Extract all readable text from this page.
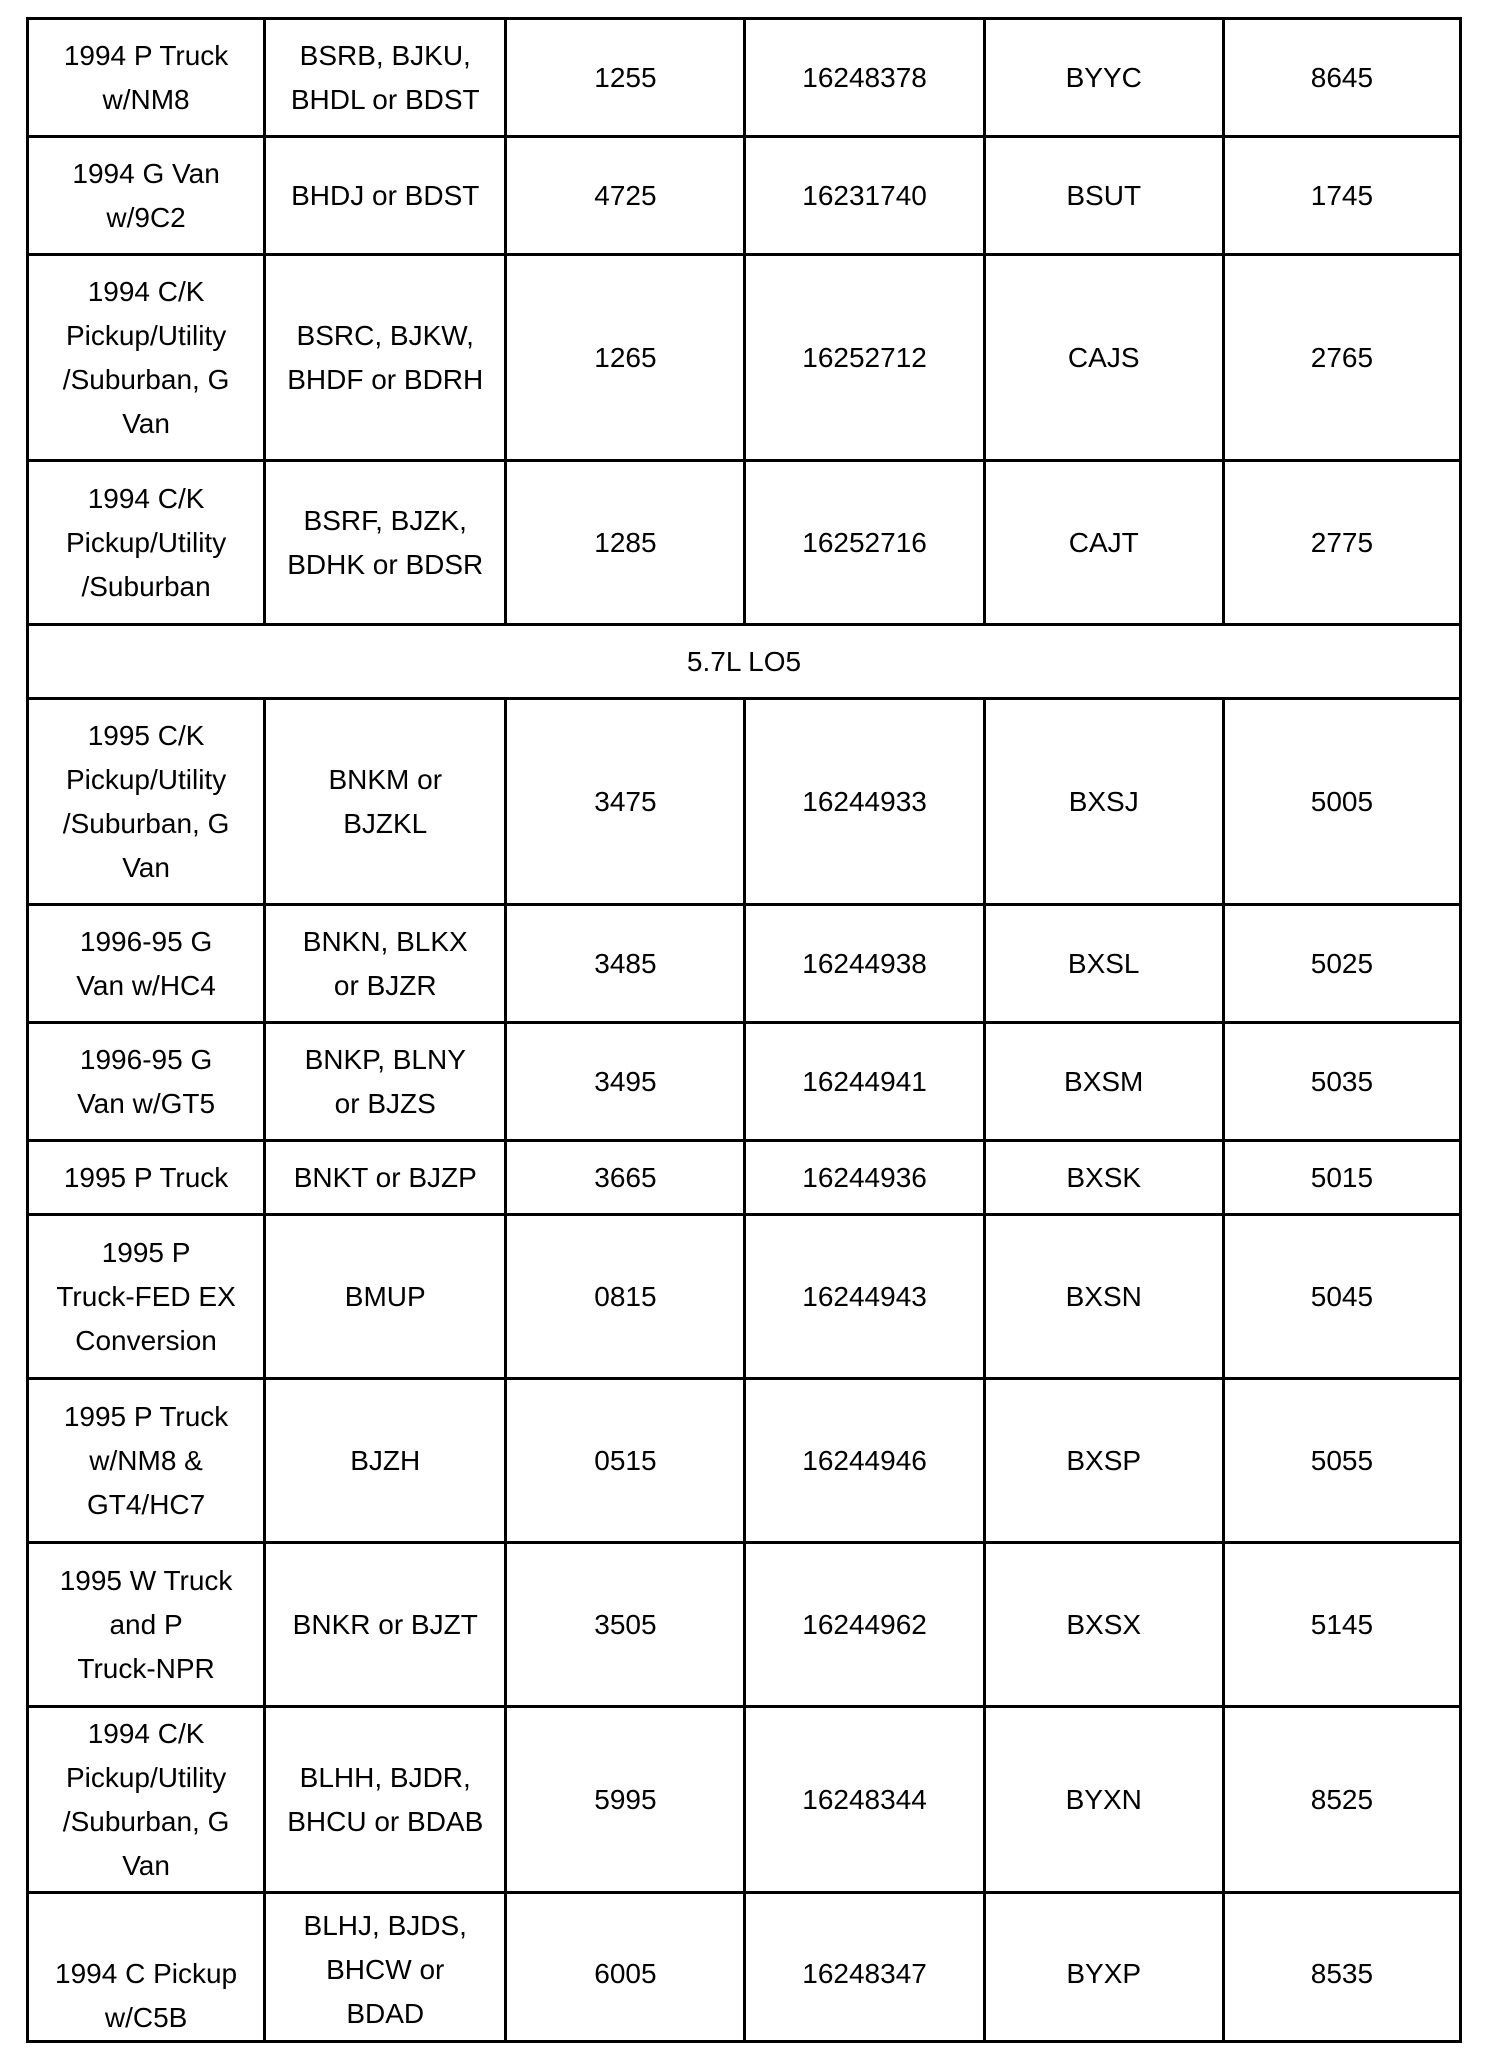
1994 P Truck
w/NM8	BSRB, BJKU,
BHDL or BDST	1255	16248378	BYYC	8645
1994 G Van
w/9C2	BHDJ or BDST	4725	16231740	BSUT	1745
1994 C/K
Pickup/Utility
/Suburban, G
Van	BSRC, BJKW,
BHDF or BDRH	1265	16252712	CAJS	2765
1994 C/K
Pickup/Utility
/Suburban	BSRF, BJZK,
BDHK or BDSR	1285	16252716	CAJT	2775
5.7L LO5					
1995 C/K
Pickup/Utility
/Suburban, G
Van	BNKM or
BJZKL	3475	16244933	BXSJ	5005
1996-95 G
Van w/HC4	BNKN, BLKX
or BJZR	3485	16244938	BXSL	5025
1996-95 G
Van w/GT5	BNKP, BLNY
or BJZS	3495	16244941	BXSM	5035
1995 P Truck	BNKT or BJZP	3665	16244936	BXSK	5015
1995 P
Truck-FED EX
Conversion	BMUP	0815	16244943	BXSN	5045
1995 P Truck
w/NM8 &
GT4/HC7	BJZH	0515	16244946	BXSP	5055
1995 W Truck
and P
Truck-NPR	BNKR or BJZT	3505	16244962	BXSX	5145
1994 C/K
Pickup/Utility
/Suburban, G
Van	BLHH, BJDR,
BHCU or BDAB	5995	16248344	BYXN	8525
1994 C Pickup
w/C5B	BLHJ, BJDS,
BHCW or
BDAD	6005	16248347	BYXP	8535
